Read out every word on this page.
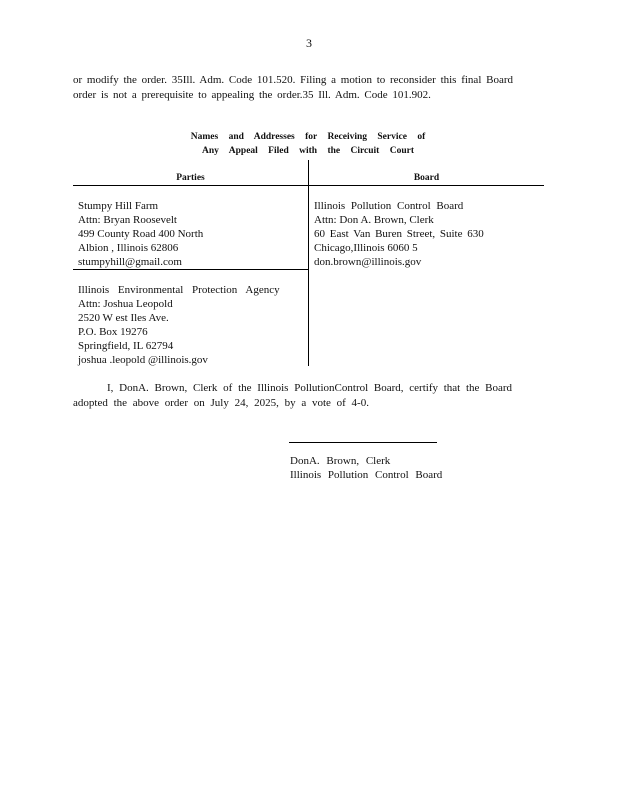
3
or modify the order. 35Ill. Adm. Code 101.520. Filing a motion to reconsider this final Board
order is not a prerequisite to appealing the order.35 Ill. Adm. Code 101.902.
Names and Addresses for Receiving Service of
Any Appeal Filed with the Circuit Court
Parties	Board
Stumpy Hill Farm
Attn: Bryan Roosevelt
499 County Road 400 North
Albion , Illinois 62806
stumpyhill@gmail.com
Illinois Environmental Protection Agency
Attn: Joshua Leopold
2520 W est Iles Ave.
P.O. Box 19276
Springfield, IL 62794
joshua .leopold @illinois.gov
Illinois Pollution Control Board
Attn: Don A. Brown, Clerk
60 East Van Buren Street, Suite 630
Chicago,Illinois 6060 5
don.brown@illinois.gov
I, DonA. Brown, Clerk of the Illinois PollutionControl Board, certify that the Board
adopted the above order on July 24, 2025, by a vote of 4-0.
DonA. Brown, Clerk
Illinois Pollution Control Board
